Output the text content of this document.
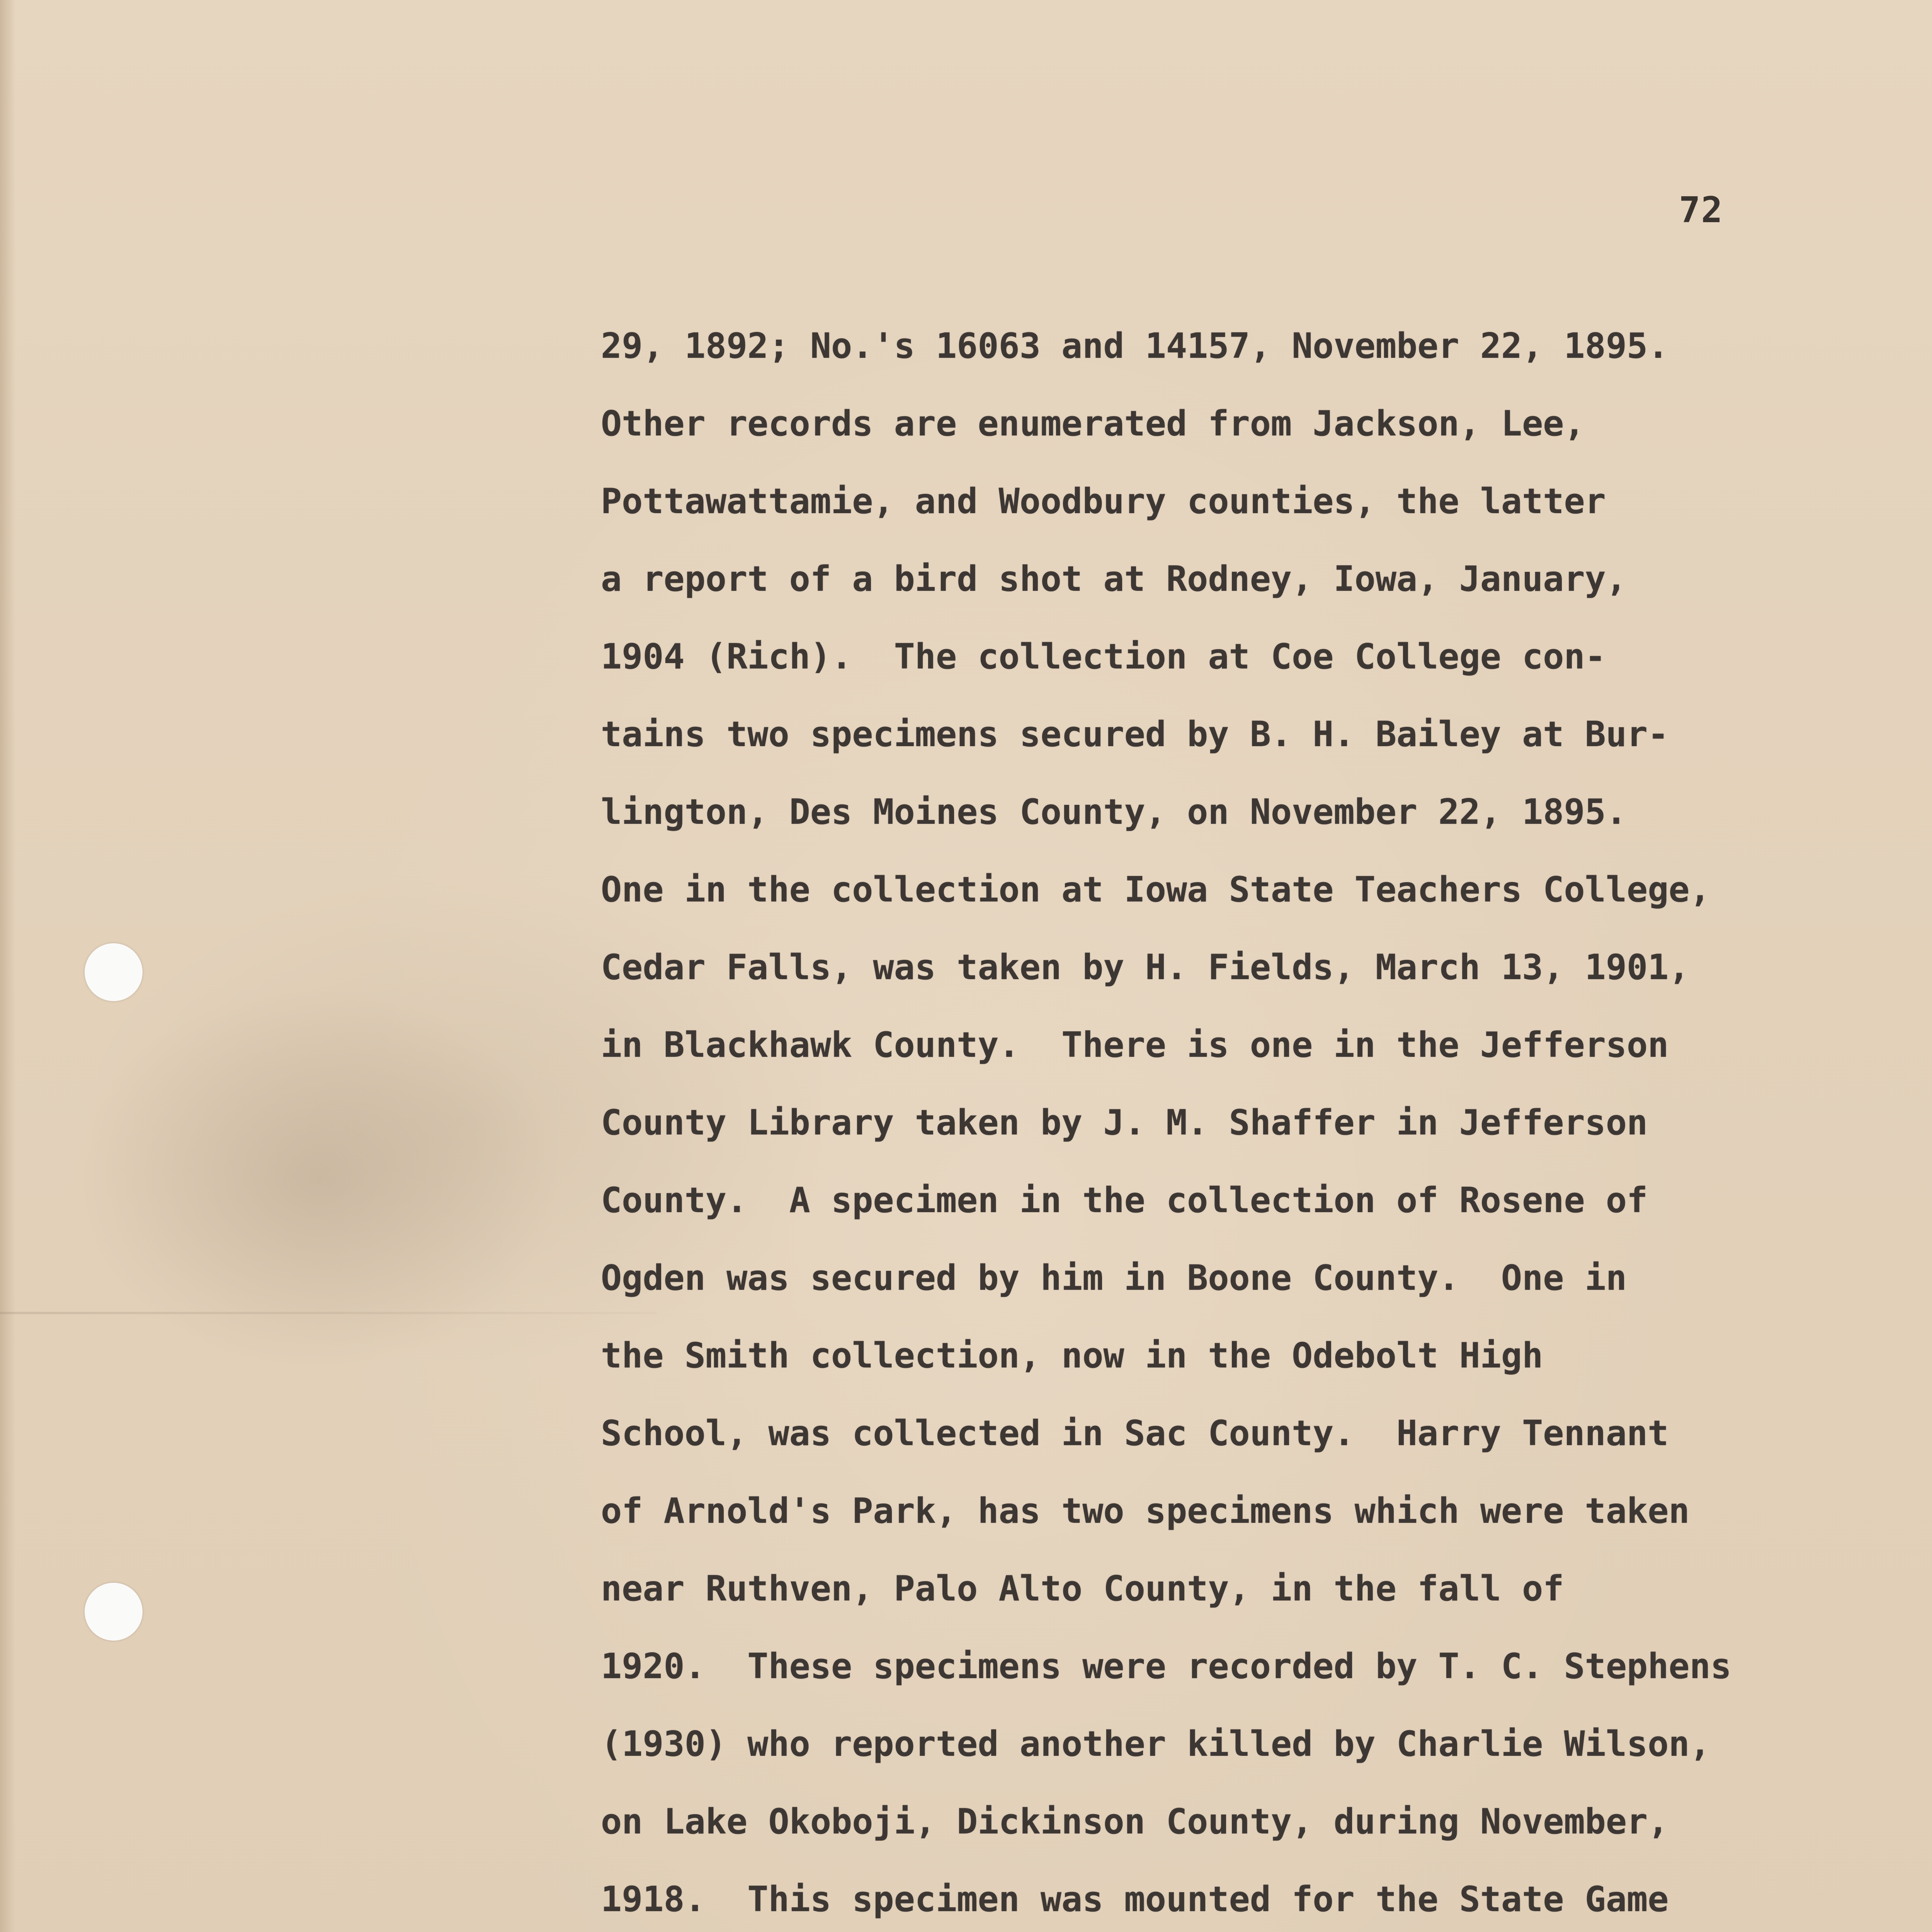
72
29, 1892; No.'s 16063 and 14157, November 22, 1895.
Other records are enumerated from Jackson, Lee,
Pottawattamie, and Woodbury counties, the latter
a report of a bird shot at Rodney, Iowa, January,
1904 (Rich).  The collection at Coe College con-
tains two specimens secured by B. H. Bailey at Bur-
lington, Des Moines County, on November 22, 1895.
One in the collection at Iowa State Teachers College,
Cedar Falls, was taken by H. Fields, March 13, 1901,
in Blackhawk County.  There is one in the Jefferson
County Library taken by J. M. Shaffer in Jefferson
County.  A specimen in the collection of Rosene of
Ogden was secured by him in Boone County.  One in
the Smith collection, now in the Odebolt High
School, was collected in Sac County.  Harry Tennant
of Arnold's Park, has two specimens which were taken
near Ruthven, Palo Alto County, in the fall of
1920.  These specimens were recorded by T. C. Stephens
(1930) who reported another killed by Charlie Wilson,
on Lake Okoboji, Dickinson County, during November,
1918.  This specimen was mounted for the State Game
